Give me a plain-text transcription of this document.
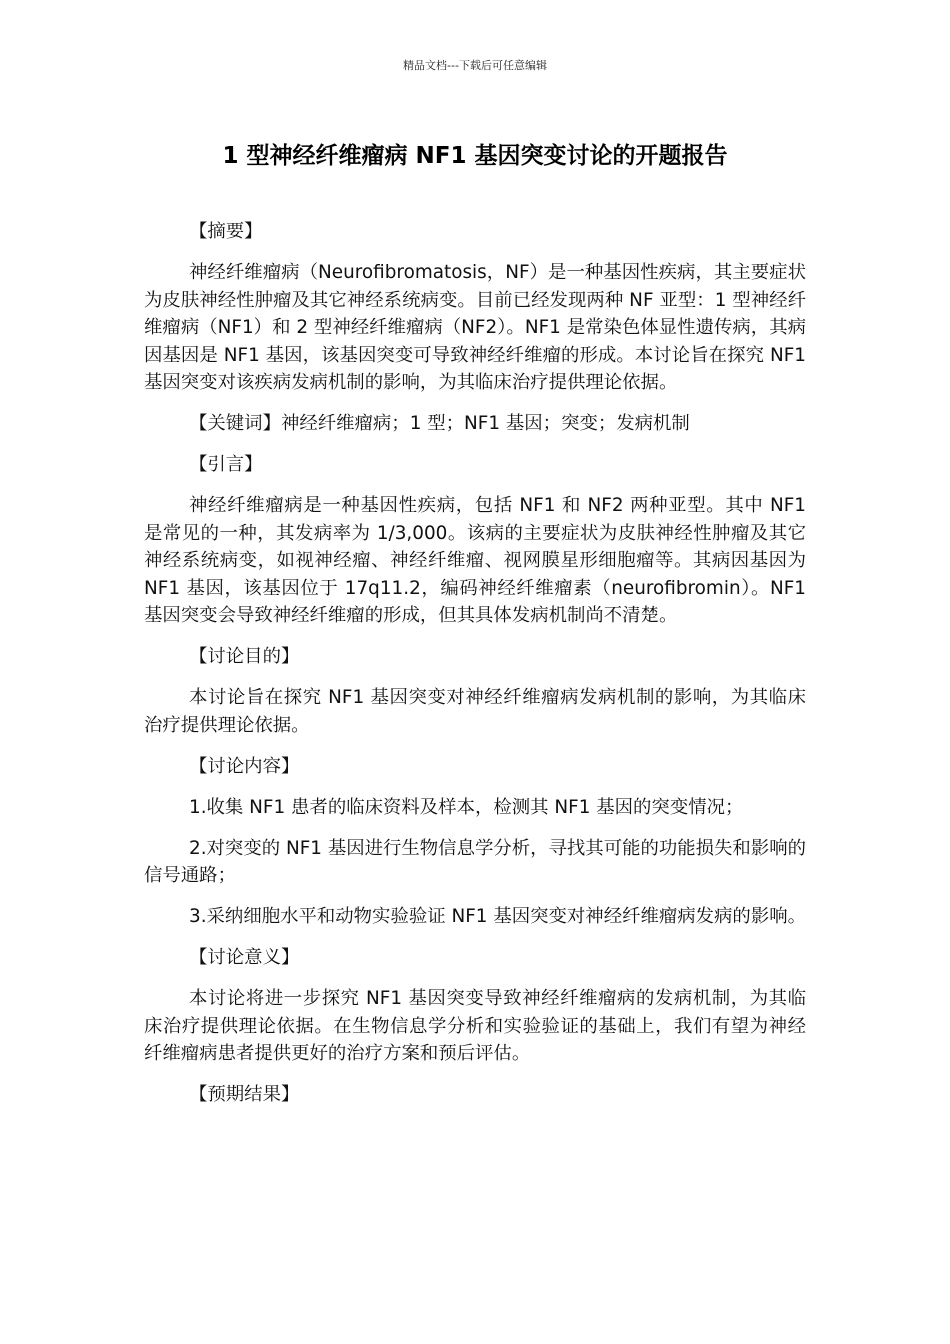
精品文档---下载后可任意编辑
1 型神经纤维瘤病 NF1 基因突变讨论的开题报告
【摘要】

神经纤维瘤病（Neurofibromatosis，NF）是一种基因性疾病，其主要症状为皮肤神经性肿瘤及其它神经系统病变。目前已经发现两种 NF 亚型：1 型神经纤维瘤病（NF1）和 2 型神经纤维瘤病（NF2）。NF1 是常染色体显性遗传病，其病因基因是 NF1 基因，该基因突变可导致神经纤维瘤的形成。本讨论旨在探究 NF1 基因突变对该疾病发病机制的影响，为其临床治疗提供理论依据。

【关键词】神经纤维瘤病；1 型；NF1 基因；突变；发病机制
【引言】

神经纤维瘤病是一种基因性疾病，包括 NF1 和 NF2 两种亚型。其中 NF1 是常见的一种，其发病率为 1/3,000。该病的主要症状为皮肤神经性肿瘤及其它神经系统病变，如视神经瘤、神经纤维瘤、视网膜星形细胞瘤等。其病因基因为 NF1 基因，该基因位于 17q11.2，编码神经纤维瘤素（neurofibromin）。NF1 基因突变会导致神经纤维瘤的形成，但其具体发病机制尚不清楚。

【讨论目的】

本讨论旨在探究 NF1 基因突变对神经纤维瘤病发病机制的影响，为其临床治疗提供理论依据。

【讨论内容】

1.收集 NF1 患者的临床资料及样本，检测其 NF1 基因的突变情况；

2.对突变的 NF1 基因进行生物信息学分析，寻找其可能的功能损失和影响的信号通路；

3.采纳细胞水平和动物实验验证 NF1 基因突变对神经纤维瘤病发病的影响。

【讨论意义】

本讨论将进一步探究 NF1 基因突变导致神经纤维瘤病的发病机制，为其临床治疗提供理论依据。在生物信息学分析和实验验证的基础上，我们有望为神经纤维瘤病患者提供更好的治疗方案和预后评估。

【预期结果】
